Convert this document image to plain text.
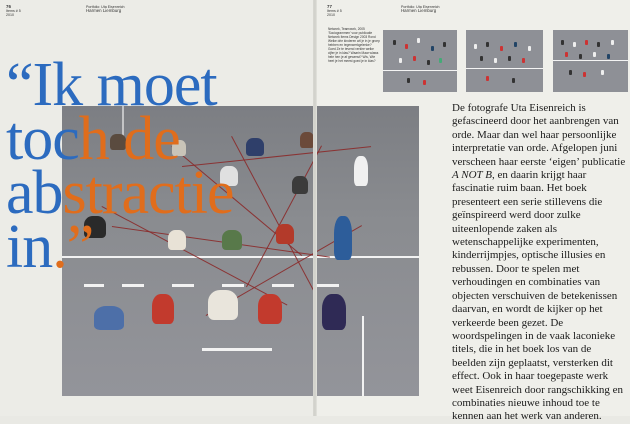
76
Items # 5
2010
Portfolio: Uta Eisenreich
Harmen Liemburg
77
Items # 5
2010
Portfolio: Uta Eisenreich
Harmen Liemburg
“Ik moet
toch de
abstractie
in.”
Network, Teamwork, 2005 'Sociogrammen' voor publicatie Network Items Design 2003 Rond Welke drie kinderen wil je in je groep hebben en tegenwerkgelenke? Goed Ze te tevend verkire welke cijfer je in klas? Waarin Maar wlaws hele hen je af gewenst? Wis, Wie heet je het meest goed je in klas?
De fotografe Uta Eisenreich is gefascineerd door het aanbrengen van orde. Maar dan wel haar persoonlijke interpretatie van orde. Afgelopen juni verscheen haar eerste ‘eigen’ publicatie A NOT B, en daarin krijgt haar fascinatie ruim baan. Het boek presenteert een serie stillevens die geïnspireerd werd door zulke uiteenlopende zaken als wetenschappelijke experimenten, kinderrijmpjes, optische illusies en rebussen. Door te spelen met verhoudingen en combinaties van objecten verschuiven de betekenissen daarvan, en wordt de kijker op het verkeerde been gezet. De woordspelingen in de vaak laconieke titels, die in het boek los van de beelden zijn geplaatst, versterken dit effect. Ook in haar toegepaste werk weet Eisenreich door rangschikking en combinaties nieuwe inhoud toe te kennen aan het werk van anderen.
